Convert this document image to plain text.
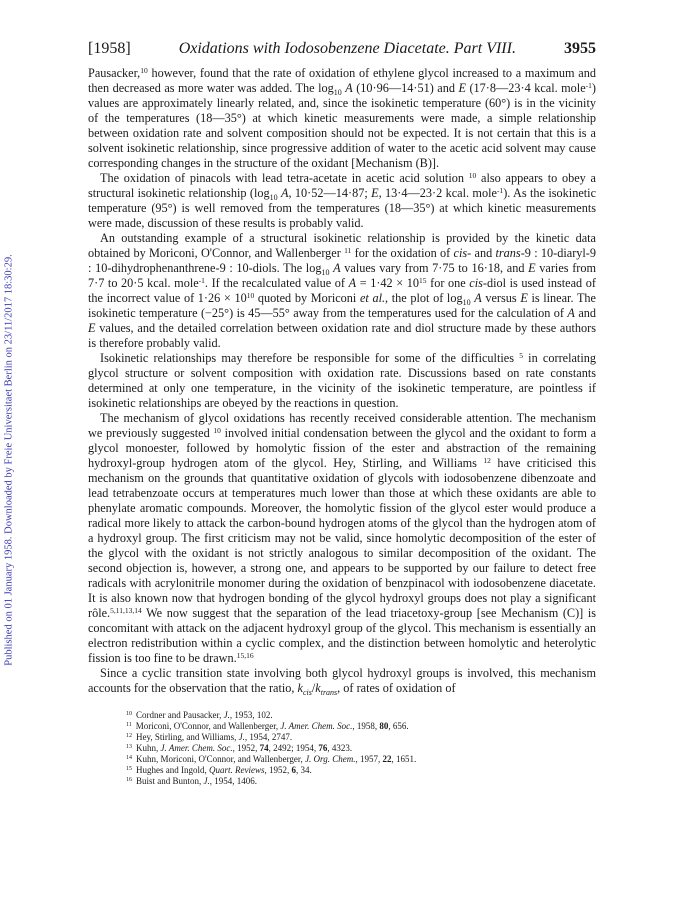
Published on 01 January 1958. Downloaded by Freie Universitaet Berlin on 23/11/2017 18:30:29.
[1958]	Oxidations with Iodosobenzene Diacetate. Part VIII.	3955

Pausacker,$^{10}$ however, found that the rate of oxidation of ethylene glycol increased to a maximum and then decreased as more water was added. The $\log_{10} A$ (10·96—14·51) and E (17·8—23·4 kcal. mole$^{-1}$) values are approximately linearly related, and, since the isokinetic temperature (60°) is in the vicinity of the temperatures (18—35°) at which kinetic measurements were made, a simple relationship between oxidation rate and solvent composition should not be expected. It is not certain that this is a solvent isokinetic relationship, since progressive addition of water to the acetic acid solvent may cause corresponding changes in the structure of the oxidant [Mechanism (B)].

The oxidation of pinacols with lead tetra-acetate in acetic acid solution $^{10}$ also appears to obey a structural isokinetic relationship ($\log_{10}$ A, 10·52—14·87; E, 13·4—23·2 kcal. mole$^{-1}$). As the isokinetic temperature (95°) is well removed from the temperatures (18—35°) at which kinetic measurements were made, discussion of these results is probably valid.

An outstanding example of a structural isokinetic relationship is provided by the kinetic data obtained by Moriconi, O'Connor, and Wallenberger $^{11}$ for the oxidation of cis- and trans-9 : 10-diaryl-9 : 10-dihydrophenanthrene-9 : 10-diols. The $\log_{10} A$ values vary from 7·75 to 16·18, and E varies from 7·7 to 20·5 kcal. mole$^{-1}$. If the recalculated value of $A = 1\cdot 42 \times 10^{15}$ for one cis-diol is used instead of the incorrect value of $1\cdot 26 \times 10^{10}$ quoted by Moriconi et al., the plot of $\log_{10} A$ versus E is linear. The isokinetic temperature (−25°) is 45—55° away from the temperatures used for the calculation of A and E values, and the detailed correlation between oxidation rate and diol structure made by these authors is therefore probably valid.

Isokinetic relationships may therefore be responsible for some of the difficulties $^5$ in correlating glycol structure or solvent composition with oxidation rate. Discussions based on rate constants determined at only one temperature, in the vicinity of the isokinetic temperature, are pointless if isokinetic relationships are obeyed by the reactions in question.

The mechanism of glycol oxidations has recently received considerable attention. The mechanism we previously suggested $^{10}$ involved initial condensation between the glycol and the oxidant to form a glycol monoester, followed by homolytic fission of the ester and abstraction of the remaining hydroxyl-group hydrogen atom of the glycol. Hey, Stirling, and Williams $^{12}$ have criticised this mechanism on the grounds that quantitative oxidation of glycols with iodosobenzene dibenzoate and lead tetrabenzoate occurs at temperatures much lower than those at which these oxidants are able to phenylate aromatic compounds. Moreover, the homolytic fission of the glycol ester would produce a radical more likely to attack the carbon-bound hydrogen atoms of the glycol than the hydrogen atom of a hydroxyl group. The first criticism may not be valid, since homolytic decomposition of the ester of the glycol with the oxidant is not strictly analogous to similar decomposition of the oxidant. The second objection is, however, a strong one, and appears to be supported by our failure to detect free radicals with acrylonitrile monomer during the oxidation of benzpinacol with iodosobenzene diacetate. It is also known now that hydrogen bonding of the glycol hydroxyl groups does not play a significant rôle.$^{5,11,13,14}$ We now suggest that the separation of the lead triacetoxy-group [see Mechanism (C)] is concomitant with attack on the adjacent hydroxyl group of the glycol. This mechanism is essentially an electron redistribution within a cyclic complex, and the distinction between homolytic and heterolytic fission is too fine to be drawn.$^{15,16}$

Since a cyclic transition state involving both glycol hydroxyl groups is involved, this mechanism accounts for the observation that the ratio, $k_{cis}/k_{trans}$, of rates of oxidation of

$^{10}$ Cordner and Pausacker, J., 1953, 102.
$^{11}$ Moriconi, O'Connor, and Wallenberger, J. Amer. Chem. Soc., 1958, 80, 656.
$^{12}$ Hey, Stirling, and Williams, J., 1954, 2747.
$^{13}$ Kuhn, J. Amer. Chem. Soc., 1952, 74, 2492; 1954, 76, 4323.
$^{14}$ Kuhn, Moriconi, O'Connor, and Wallenberger, J. Org. Chem., 1957, 22, 1651.
$^{15}$ Hughes and Ingold, Quart. Reviews, 1952, 6, 34.
$^{16}$ Buist and Bunton, J., 1954, 1406.
